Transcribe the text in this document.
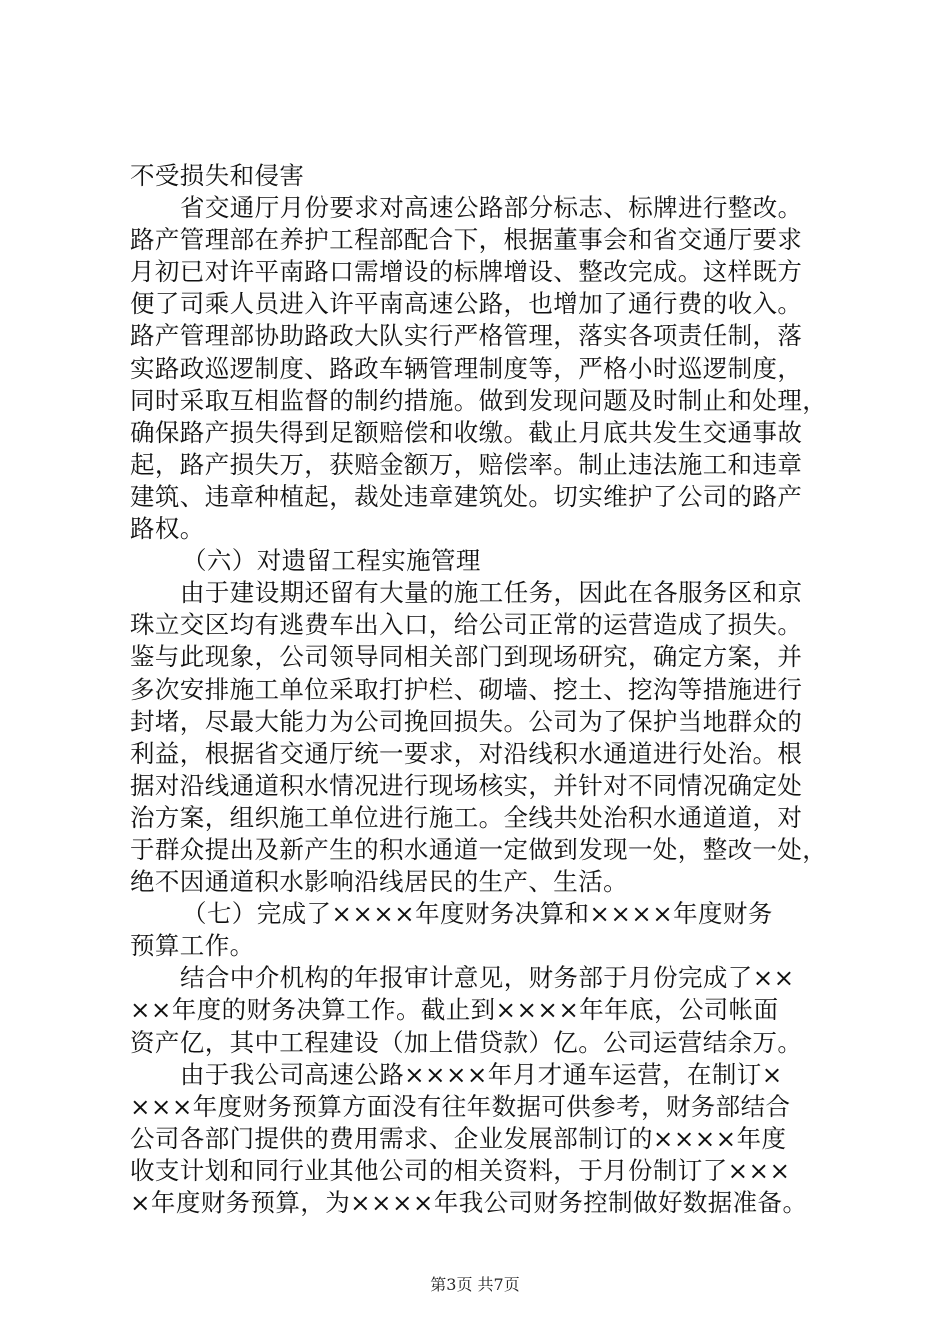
不受损失和侵害
省交通厅月份要求对高速公路部分标志、标牌进行整改。
路产管理部在养护工程部配合下，根据董事会和省交通厅要求
月初已对许平南路口需增设的标牌增设、整改完成。这样既方
便了司乘人员进入许平南高速公路，也增加了通行费的收入。
路产管理部协助路政大队实行严格管理，落实各项责任制，落
实路政巡逻制度、路政车辆管理制度等，严格小时巡逻制度，
同时采取互相监督的制约措施。做到发现问题及时制止和处理，
确保路产损失得到足额赔偿和收缴。截止月底共发生交通事故
起，路产损失万，获赔金额万，赔偿率。制止违法施工和违章
建筑、违章种植起，裁处违章建筑处。切实维护了公司的路产
路权。
（六）对遗留工程实施管理
由于建设期还留有大量的施工任务，因此在各服务区和京
珠立交区均有逃费车出入口，给公司正常的运营造成了损失。
鉴与此现象，公司领导同相关部门到现场研究，确定方案，并
多次安排施工单位采取打护栏、砌墙、挖土、挖沟等措施进行
封堵，尽最大能力为公司挽回损失。公司为了保护当地群众的
利益，根据省交通厅统一要求，对沿线积水通道进行处治。根
据对沿线通道积水情况进行现场核实，并针对不同情况确定处
治方案，组织施工单位进行施工。全线共处治积水通道道，对
于群众提出及新产生的积水通道一定做到发现一处，整改一处，
绝不因通道积水影响沿线居民的生产、生活。
（七）完成了××××年度财务决算和××××年度财务
预算工作。
结合中介机构的年报审计意见，财务部于月份完成了××
××年度的财务决算工作。截止到××××年年底，公司帐面
资产亿，其中工程建设（加上借贷款）亿。公司运营结余万。
由于我公司高速公路××××年月才通车运营，在制订×
×××年度财务预算方面没有往年数据可供参考，财务部结合
公司各部门提供的费用需求、企业发展部制订的××××年度
收支计划和同行业其他公司的相关资料，于月份制订了×××
×年度财务预算，为××××年我公司财务控制做好数据准备。
第3页 共7页
